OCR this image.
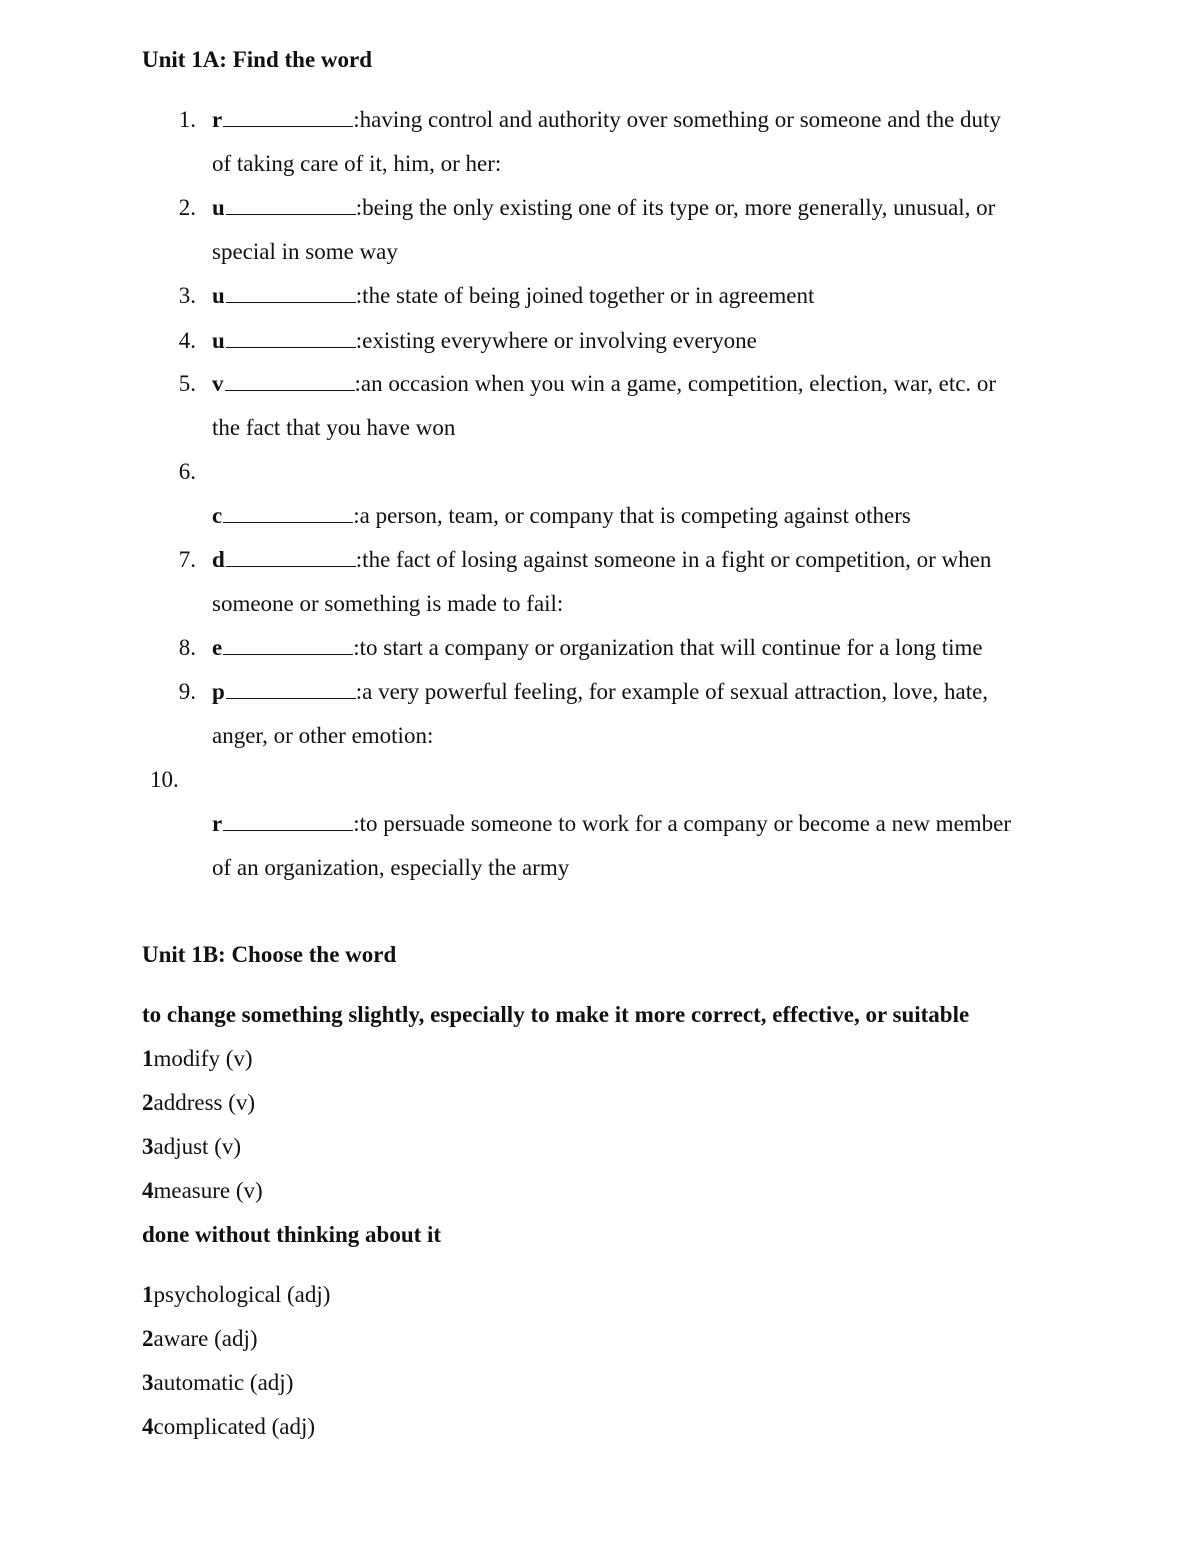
Unit 1A: Find the word
1. r	:having control and authority over something or someone and the duty
of taking care of it, him, or her:
2. u	:being the only existing one of its type or, more generally, unusual, or
special in some way
3. u	:the state of being joined together or in agreement
4. u	:existing everywhere or involving everyone
5. v	:an occasion when you win a game, competition, election, war, etc. or
the fact that you have won
6.
c	:a person, team, or company that is competing against others
7. d	:the fact of losing against someone in a fight or competition, or when
someone or something is made to fail:
8. e	:to start a company or organization that will continue for a long time
9. p	:a very powerful feeling, for example of sexual attraction, love, hate,
anger, or other emotion:
10.
r	:to persuade someone to work for a company or become a new member
of an organization, especially the army
Unit 1B: Choose the word
to change something slightly, especially to make it more correct, effective, or suitable
1modify (v)
2address (v)
3adjust (v)
4measure (v)
done without thinking about it
1psychological (adj)
2aware (adj)
3automatic (adj)
4complicated (adj)
